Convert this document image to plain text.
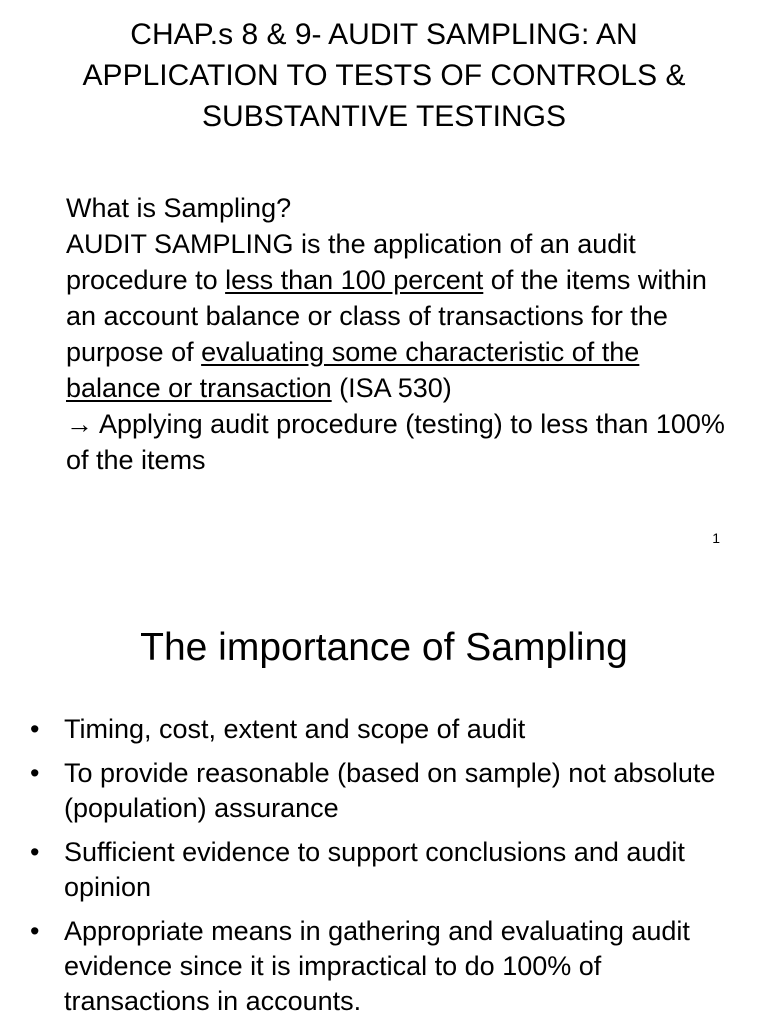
CHAP.s 8 & 9- AUDIT SAMPLING: AN APPLICATION TO TESTS OF CONTROLS & SUBSTANTIVE TESTINGS
What is Sampling?
AUDIT SAMPLING is the application of an audit procedure to less than 100 percent of the items within an account balance or class of transactions for the purpose of evaluating some characteristic of the balance or transaction (ISA 530)
→ Applying audit procedure (testing) to less than 100% of the items
1
The importance of Sampling
• Timing, cost, extent and scope of audit
• To provide reasonable (based on sample) not absolute (population) assurance
• Sufficient evidence to support conclusions and audit opinion
• Appropriate means in gathering and evaluating audit evidence since it is impractical to do 100% of transactions in accounts.
